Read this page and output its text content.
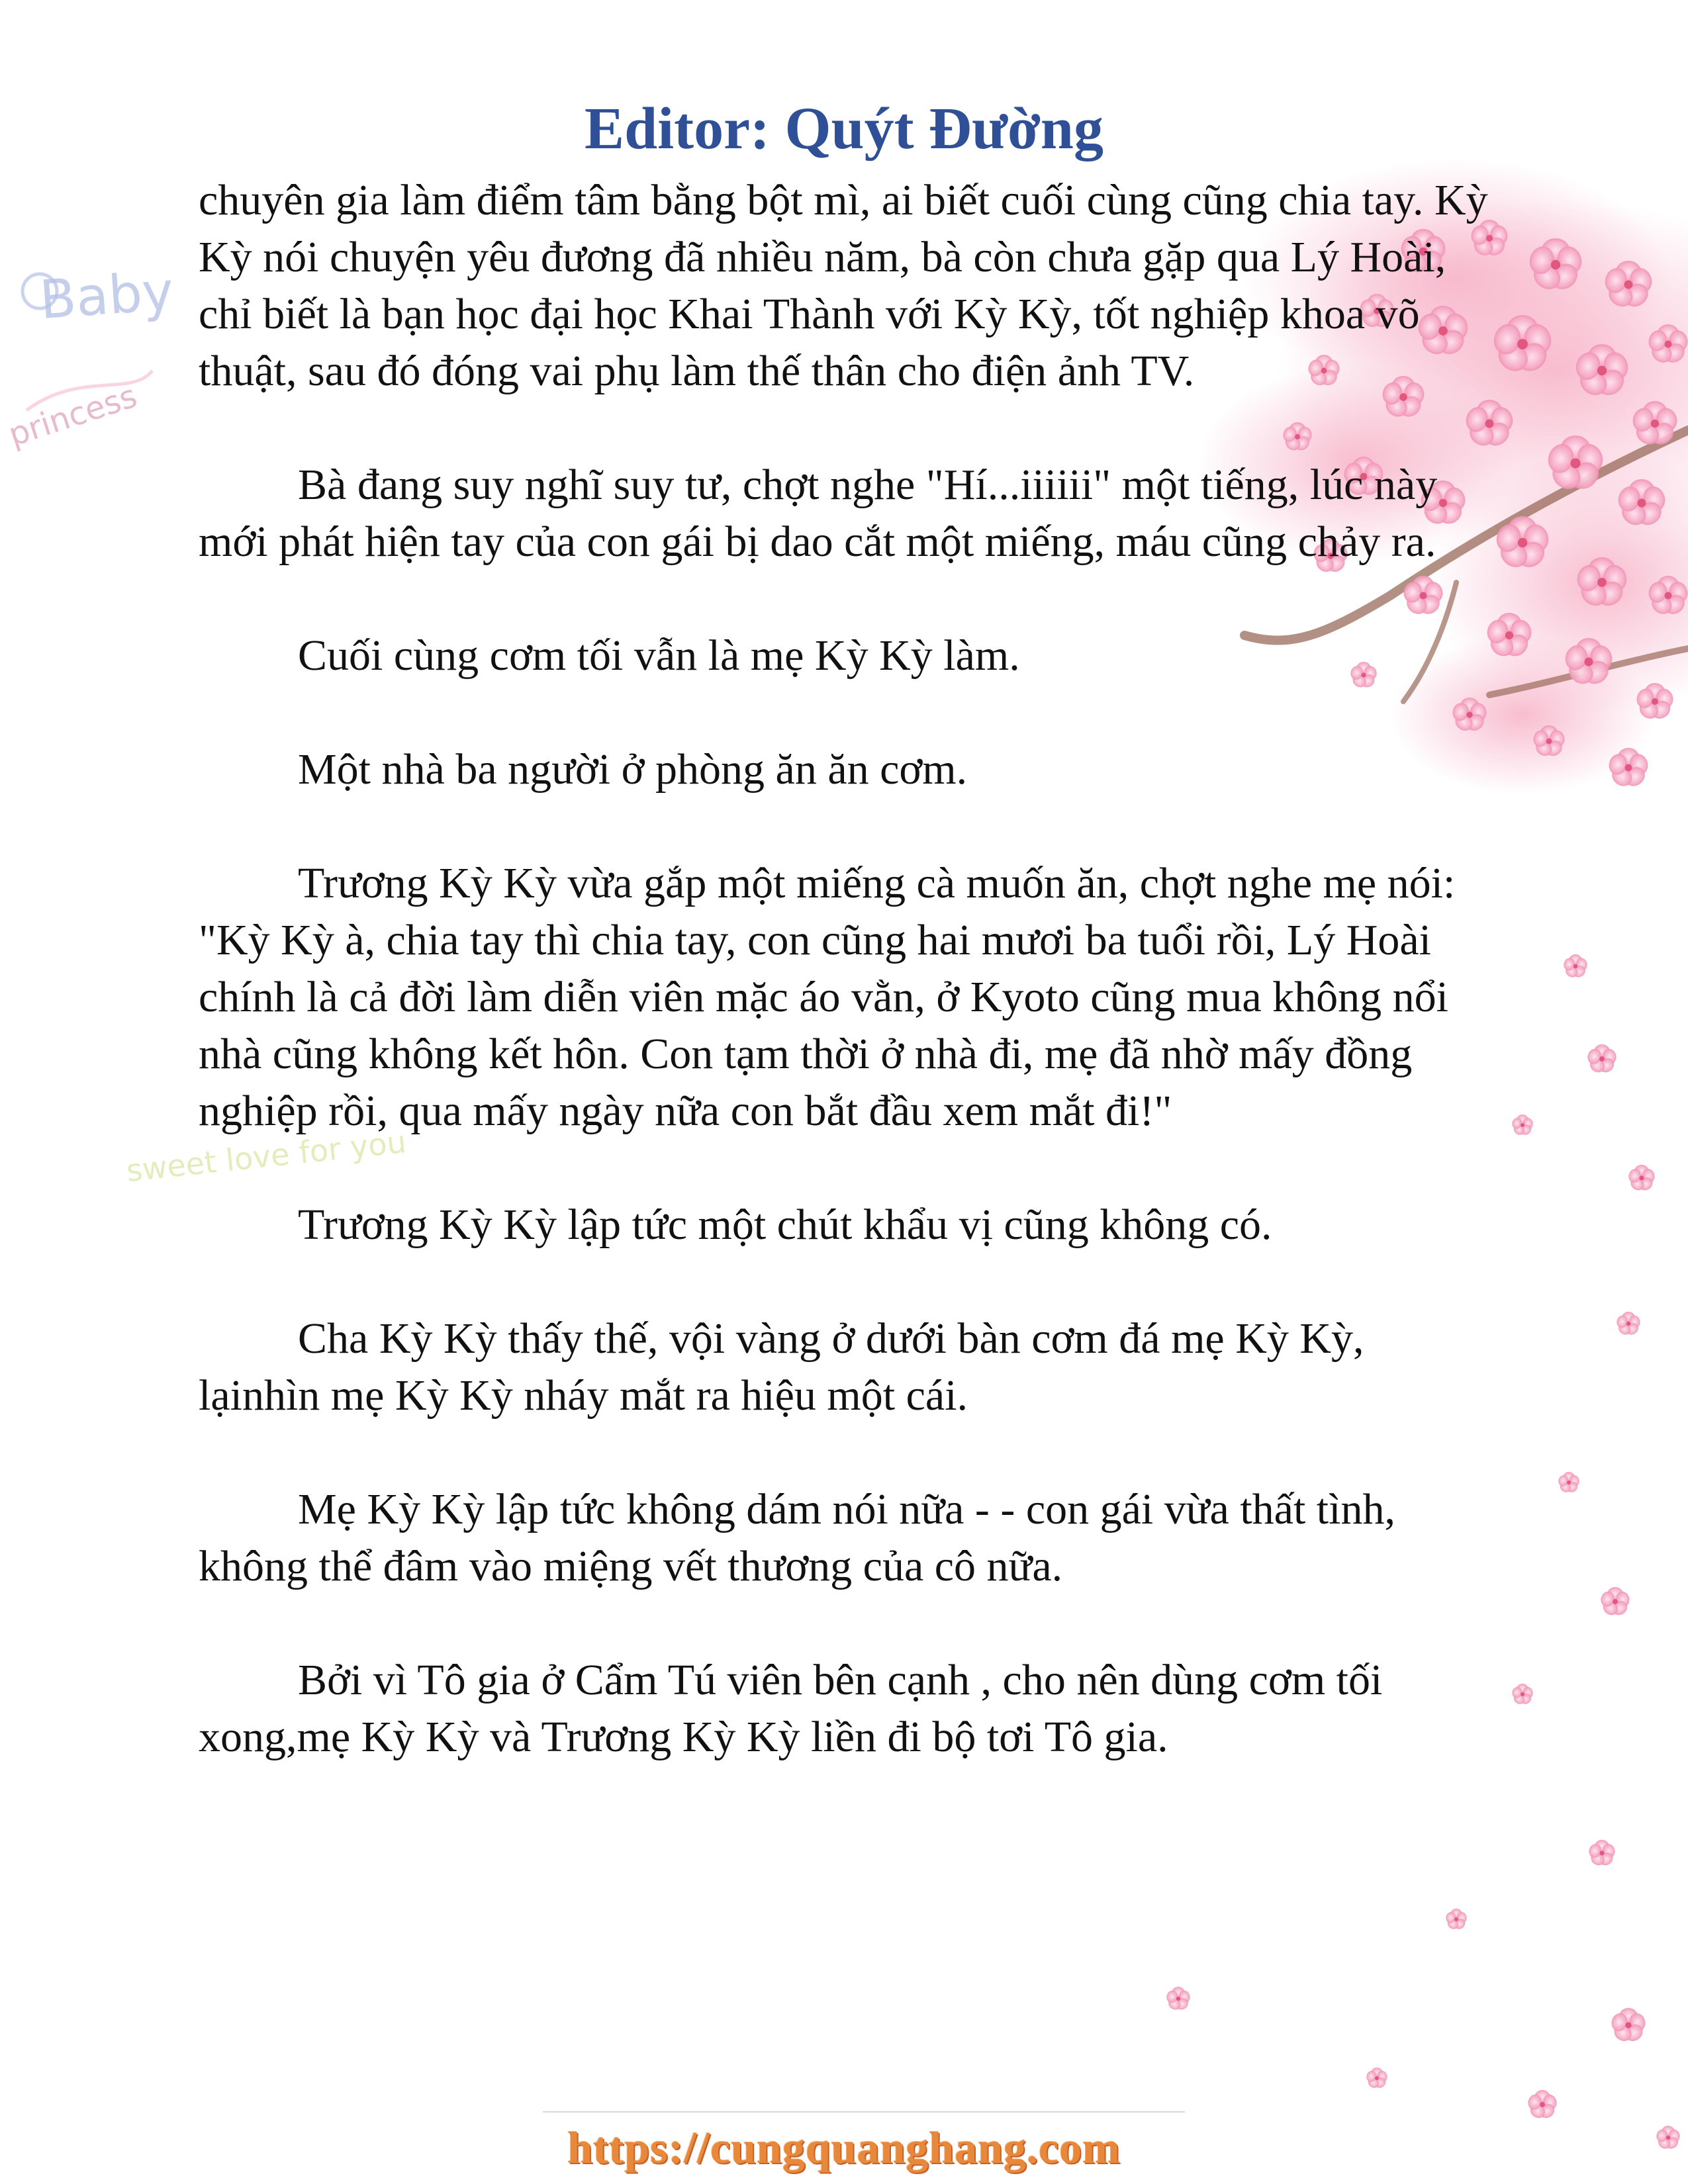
Baby
princess
sweet love for you
Editor: Quýt Đường

chuyên gia làm điểm tâm bằng bột mì, ai biết cuối cùng cũng chia tay. Kỳ Kỳ nói chuyện yêu đương đã nhiều năm, bà còn chưa gặp qua Lý Hoài, chỉ biết là bạn học đại học Khai Thành với Kỳ Kỳ, tốt nghiệp khoa võ thuật, sau đó đóng vai phụ làm thế thân cho điện ảnh TV.

Bà đang suy nghĩ suy tư, chợt nghe "Hí...iiiiii" một tiếng, lúc này mới phát hiện tay của con gái bị dao cắt một miếng, máu cũng chảy ra.

Cuối cùng cơm tối vẫn là mẹ Kỳ Kỳ làm.

Một nhà ba người ở phòng ăn ăn cơm.

Trương Kỳ Kỳ vừa gắp một miếng cà muốn ăn, chợt nghe mẹ nói: "Kỳ Kỳ à, chia tay thì chia tay, con cũng hai mươi ba tuổi rồi, Lý Hoài chính là cả đời làm diễn viên mặc áo vằn, ở Kyoto cũng mua không nổi nhà cũng không kết hôn. Con tạm thời ở nhà đi, mẹ đã nhờ mấy đồng nghiệp rồi, qua mấy ngày nữa con bắt đầu xem mắt đi!"

Trương Kỳ Kỳ lập tức một chút khẩu vị cũng không có.

Cha Kỳ Kỳ thấy thế, vội vàng ở dưới bàn cơm đá mẹ Kỳ Kỳ, lạinhìn mẹ Kỳ Kỳ nháy mắt ra hiệu một cái.

Mẹ Kỳ Kỳ lập tức không dám nói nữa - - con gái vừa thất tình, không thể đâm vào miệng vết thương của cô nữa.

Bởi vì Tô gia ở Cẩm Tú viên bên cạnh , cho nên dùng cơm tối xong,mẹ Kỳ Kỳ và Trương Kỳ Kỳ liền đi bộ tơi Tô gia.

https://cungquanghang.com
